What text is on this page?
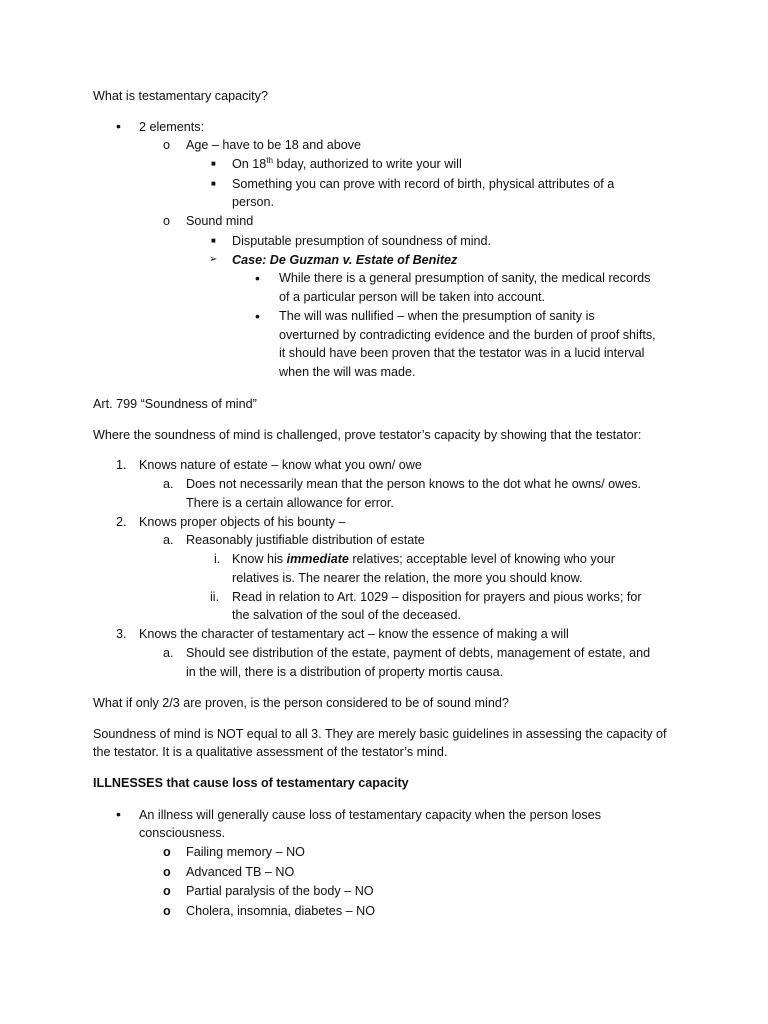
What is testamentary capacity?
• 2 elements:
o Age – have to be 18 and above
■ On 18th bday, authorized to write your will
■ Something you can prove with record of birth, physical attributes of a
person.
o Sound mind
■ Disputable presumption of soundness of mind.
➢ Case: De Guzman v. Estate of Benitez
• While there is a general presumption of sanity, the medical records
of a particular person will be taken into account.
• The will was nullified – when the presumption of sanity is
overturned by contradicting evidence and the burden of proof shifts,
it should have been proven that the testator was in a lucid interval
when the will was made.
Art. 799 “Soundness of mind”
Where the soundness of mind is challenged, prove testator’s capacity by showing that the testator:
1. Knows nature of estate – know what you own/ owe
a. Does not necessarily mean that the person knows to the dot what he owns/ owes.
There is a certain allowance for error.
2. Knows proper objects of his bounty –
a. Reasonably justifiable distribution of estate
i. Know his immediate relatives; acceptable level of knowing who your
relatives is. The nearer the relation, the more you should know.
ii. Read in relation to Art. 1029 – disposition for prayers and pious works; for
the salvation of the soul of the deceased.
3. Knows the character of testamentary act – know the essence of making a will
a. Should see distribution of the estate, payment of debts, management of estate, and
in the will, there is a distribution of property mortis causa.
What if only 2/3 are proven, is the person considered to be of sound mind?
Soundness of mind is NOT equal to all 3. They are merely basic guidelines in assessing the capacity of
the testator. It is a qualitative assessment of the testator’s mind.
ILLNESSES that cause loss of testamentary capacity
• An illness will generally cause loss of testamentary capacity when the person loses
consciousness.
o Failing memory – NO
o Advanced TB – NO
o Partial paralysis of the body – NO
o Cholera, insomnia, diabetes – NO
